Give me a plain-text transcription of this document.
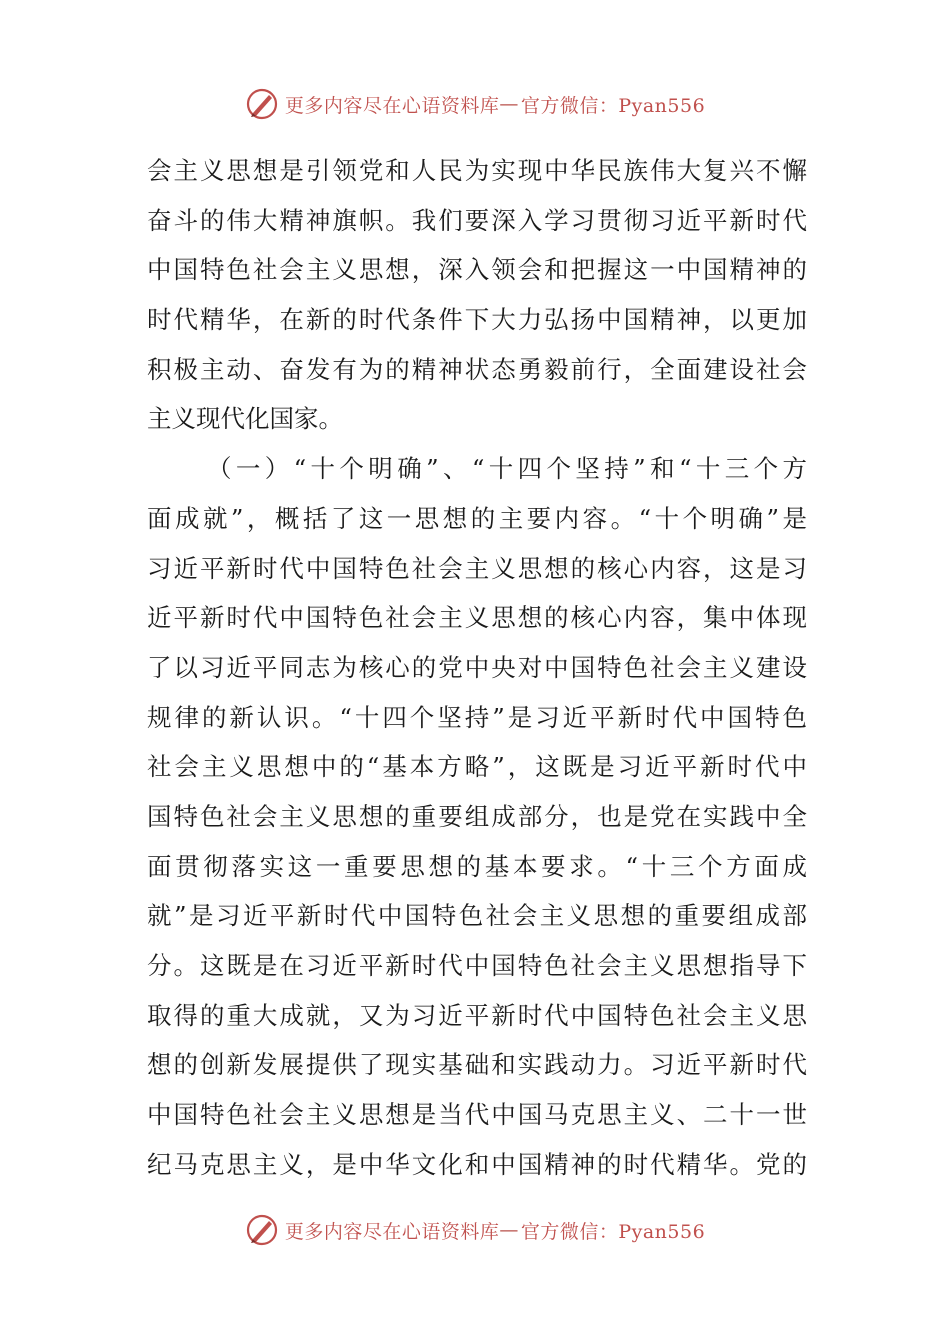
更多内容尽在心语资料库 — 官方微信：Pyan556
会主义思想是引领党和人民为实现中华民族伟大复兴不懈
奋斗的伟大精神旗帜。我们要深入学习贯彻习近平新时代
中国特色社会主义思想，深入领会和把握这一中国精神的
时代精华，在新的时代条件下大力弘扬中国精神，以更加
积极主动、奋发有为的精神状态勇毅前行，全面建设社会
主义现代化国家。
（一）“十个明确”、“十四个坚持”和“十三个方
面成就”，概括了这一思想的主要内容。“十个明确”是
习近平新时代中国特色社会主义思想的核心内容，这是习
近平新时代中国特色社会主义思想的核心内容，集中体现
了以习近平同志为核心的党中央对中国特色社会主义建设
规律的新认识。“十四个坚持”是习近平新时代中国特色
社会主义思想中的“基本方略”，这既是习近平新时代中
国特色社会主义思想的重要组成部分，也是党在实践中全
面贯彻落实这一重要思想的基本要求。“十三个方面成
就”是习近平新时代中国特色社会主义思想的重要组成部
分。这既是在习近平新时代中国特色社会主义思想指导下
取得的重大成就，又为习近平新时代中国特色社会主义思
想的创新发展提供了现实基础和实践动力。习近平新时代
中国特色社会主义思想是当代中国马克思主义、二十一世
纪马克思主义，是中华文化和中国精神的时代精华。党的
更多内容尽在心语资料库 — 官方微信：Pyan556
